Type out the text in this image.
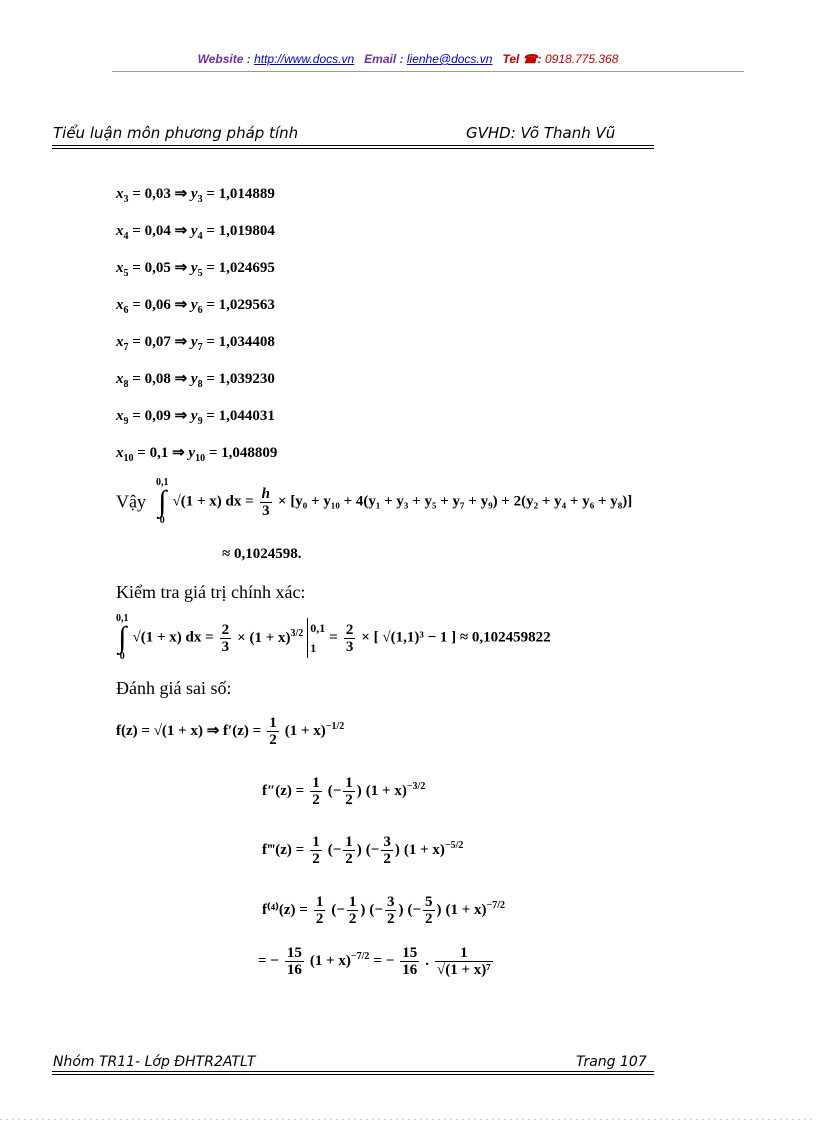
Website : http://www.docs.vn Email : lienhe@docs.vn Tel ☎: 0918.775.368
Tiểu luận môn phương pháp tính	GVHD: Võ Thanh Vũ
$x_3 = 0,03$ ⇒ $y_3 = 1,014889$
$x_4 = 0,04$ ⇒ $y_4 = 1,019804$
$x_5 = 0,05$ ⇒ $y_5 = 1,024695$
$x_6 = 0,06$ ⇒ $y_6 = 1,029563$
$x_7 = 0,07$ ⇒ $y_7 = 1,034408$
$x_8 = 0,08$ ⇒ $y_8 = 1,039230$
$x_9 = 0,09$ ⇒ $y_9 = 1,044031$
$x_{10} = 0,1$ ⇒ $y_{10} = 1,048809$
Vậy
0,1
∫
0
√(1 + x) dx = $\frac{h}{3} \times [y_0 + y_{10} + 4(y_1 + y_3 + y_5 + y_7 + y_9) + 2(y_2 + y_4 + y_6 + y_8)]$
≈ 0,1024598.
Kiểm tra giá trị chính xác:
0,1
∫
0
√(1 + x) dx = $\frac{2}{3} \times (1 + x)^{3/2}$ 0,1
1
= $\frac{2}{3}$ × [ √(1,1)³ − 1 ] ≈ 0,102459822
Đánh giá sai số:
f(z) = √(1 + x) ⇒ $f'(z) = \frac{1}{2} (1 + x)^{-1/2}$
$f''(z) = \frac{1}{2}$ (− $\frac{1}{2}$ ) $(1 + x)^{-3/2}$
f‴(z) = $\frac{1}{2}$ (− $\frac{1}{2}$ ) (− $\frac{3}{2}$ ) $(1 + x)^{-5/2}$
$f^{(4)}(z) = \frac{1}{2}$ (− $\frac{1}{2}$ ) (− $\frac{3}{2}$ ) (− $\frac{5}{2}$ ) $(1 + x)^{-7/2}$
= − $\frac{15}{16} (1 + x)^{-7/2}$ = − $\frac{15}{16}$ . $\frac{1}{\text{√(1 + x)⁷}}$
Nhóm TR11- Lớp ĐHTR2ATLT	Trang 107
